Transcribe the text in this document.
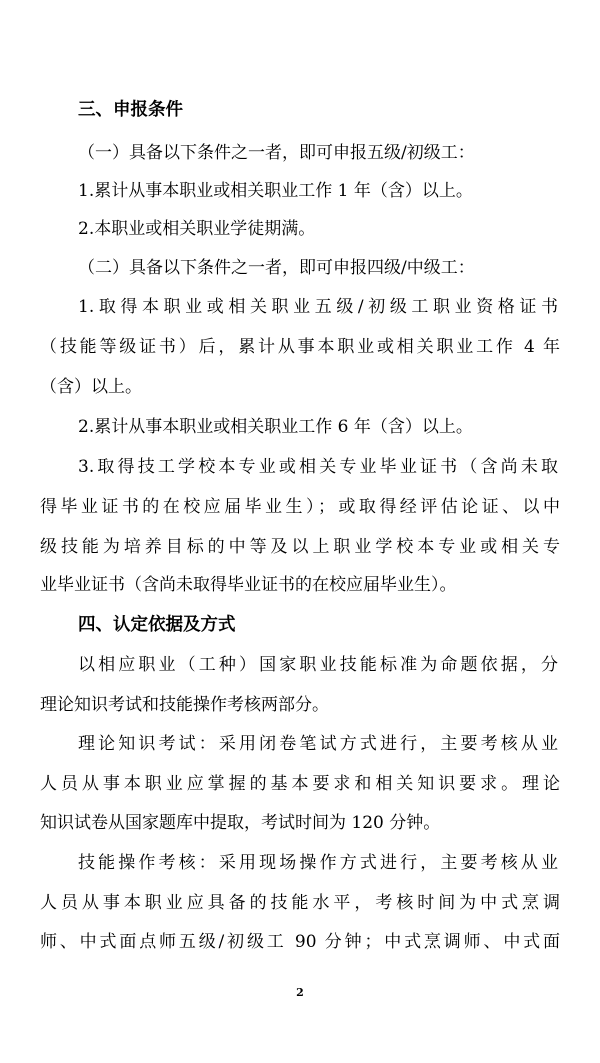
三、申报条件
（一）具备以下条件之一者，即可申报五级/初级工：
1.累计从事本职业或相关职业工作 1 年（含）以上。
2.本职业或相关职业学徒期满。
（二）具备以下条件之一者，即可申报四级/中级工：
1.取得本职业或相关职业五级/初级工职业资格证书
（技能等级证书）后，累计从事本职业或相关职业工作 4 年
（含）以上。
2.累计从事本职业或相关职业工作 6 年（含）以上。
3.取得技工学校本专业或相关专业毕业证书（含尚未取
得毕业证书的在校应届毕业生）；或取得经评估论证、以中
级技能为培养目标的中等及以上职业学校本专业或相关专
业毕业证书（含尚未取得毕业证书的在校应届毕业生）。
四、认定依据及方式
以相应职业（工种）国家职业技能标准为命题依据，分
理论知识考试和技能操作考核两部分。
理论知识考试：采用闭卷笔试方式进行，主要考核从业
人员从事本职业应掌握的基本要求和相关知识要求。理论
知识试卷从国家题库中提取，考试时间为 120 分钟。
技能操作考核：采用现场操作方式进行，主要考核从业
人员从事本职业应具备的技能水平，考核时间为中式烹调
师、中式面点师五级/初级工 90 分钟；中式烹调师、中式面
2
